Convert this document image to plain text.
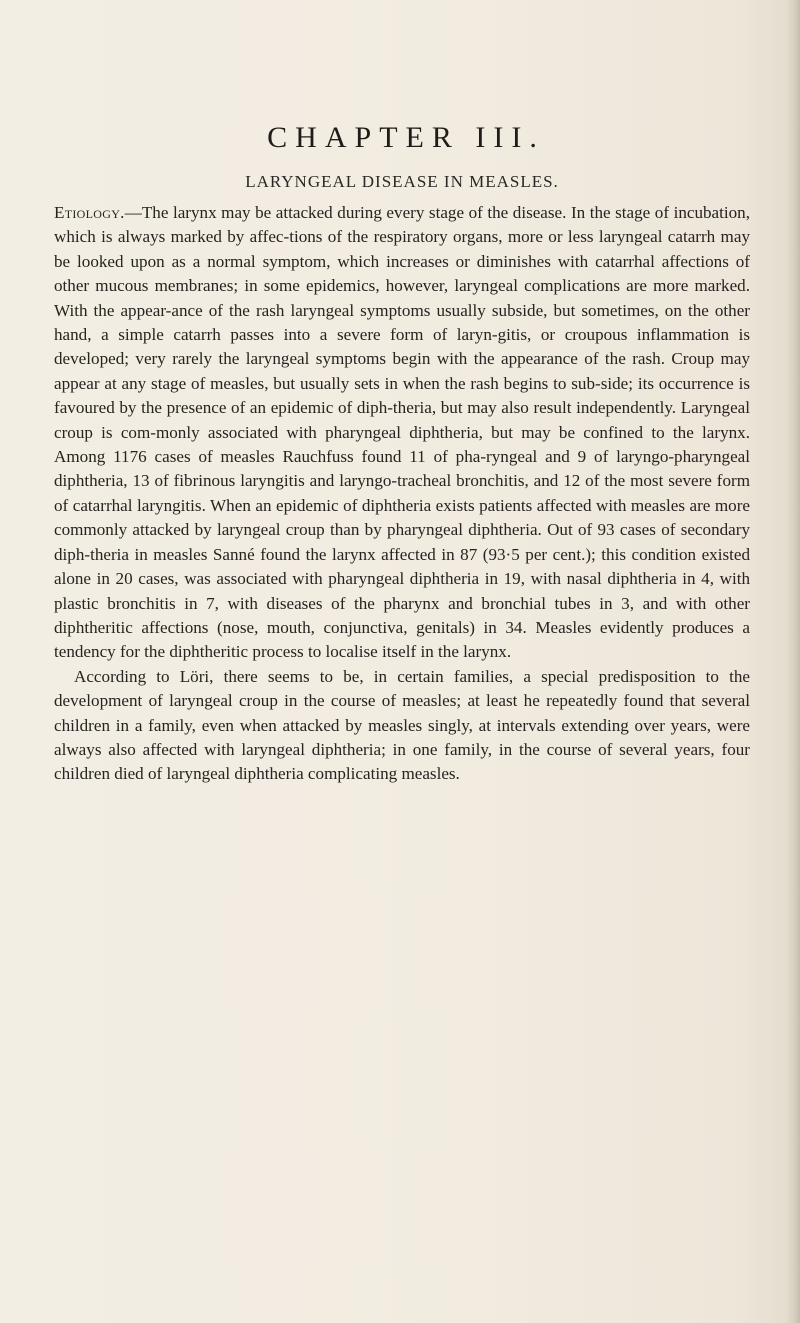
CHAPTER III.
LARYNGEAL DISEASE IN MEASLES.

Etiology.—The larynx may be attacked during every stage of the disease. In the stage of incubation, which is always marked by affec-tions of the respiratory organs, more or less laryngeal catarrh may be looked upon as a normal symptom, which increases or diminishes with catarrhal affections of other mucous membranes; in some epidemics, however, laryngeal complications are more marked. With the appear-ance of the rash laryngeal symptoms usually subside, but sometimes, on the other hand, a simple catarrh passes into a severe form of laryn-gitis, or croupous inflammation is developed; very rarely the laryngeal symptoms begin with the appearance of the rash. Croup may appear at any stage of measles, but usually sets in when the rash begins to sub-side; its occurrence is favoured by the presence of an epidemic of diph-theria, but may also result independently. Laryngeal croup is com-monly associated with pharyngeal diphtheria, but may be confined to the larynx. Among 1176 cases of measles Rauchfuss found 11 of pha-ryngeal and 9 of laryngo-pharyngeal diphtheria, 13 of fibrinous laryngitis and laryngo-tracheal bronchitis, and 12 of the most severe form of catarrhal laryngitis. When an epidemic of diphtheria exists patients affected with measles are more commonly attacked by laryngeal croup than by pharyngeal diphtheria. Out of 93 cases of secondary diph-theria in measles Sanné found the larynx affected in 87 (93·5 per cent.); this condition existed alone in 20 cases, was associated with pharyngeal diphtheria in 19, with nasal diphtheria in 4, with plastic bronchitis in 7, with diseases of the pharynx and bronchial tubes in 3, and with other diphtheritic affections (nose, mouth, conjunctiva, genitals) in 34. Measles evidently produces a tendency for the diphtheritic process to localise itself in the larynx.

According to Löri, there seems to be, in certain families, a special predisposition to the development of laryngeal croup in the course of measles; at least he repeatedly found that several children in a family, even when attacked by measles singly, at intervals extending over years, were always also affected with laryngeal diphtheria; in one family, in the course of several years, four children died of laryngeal diphtheria complicating measles.
